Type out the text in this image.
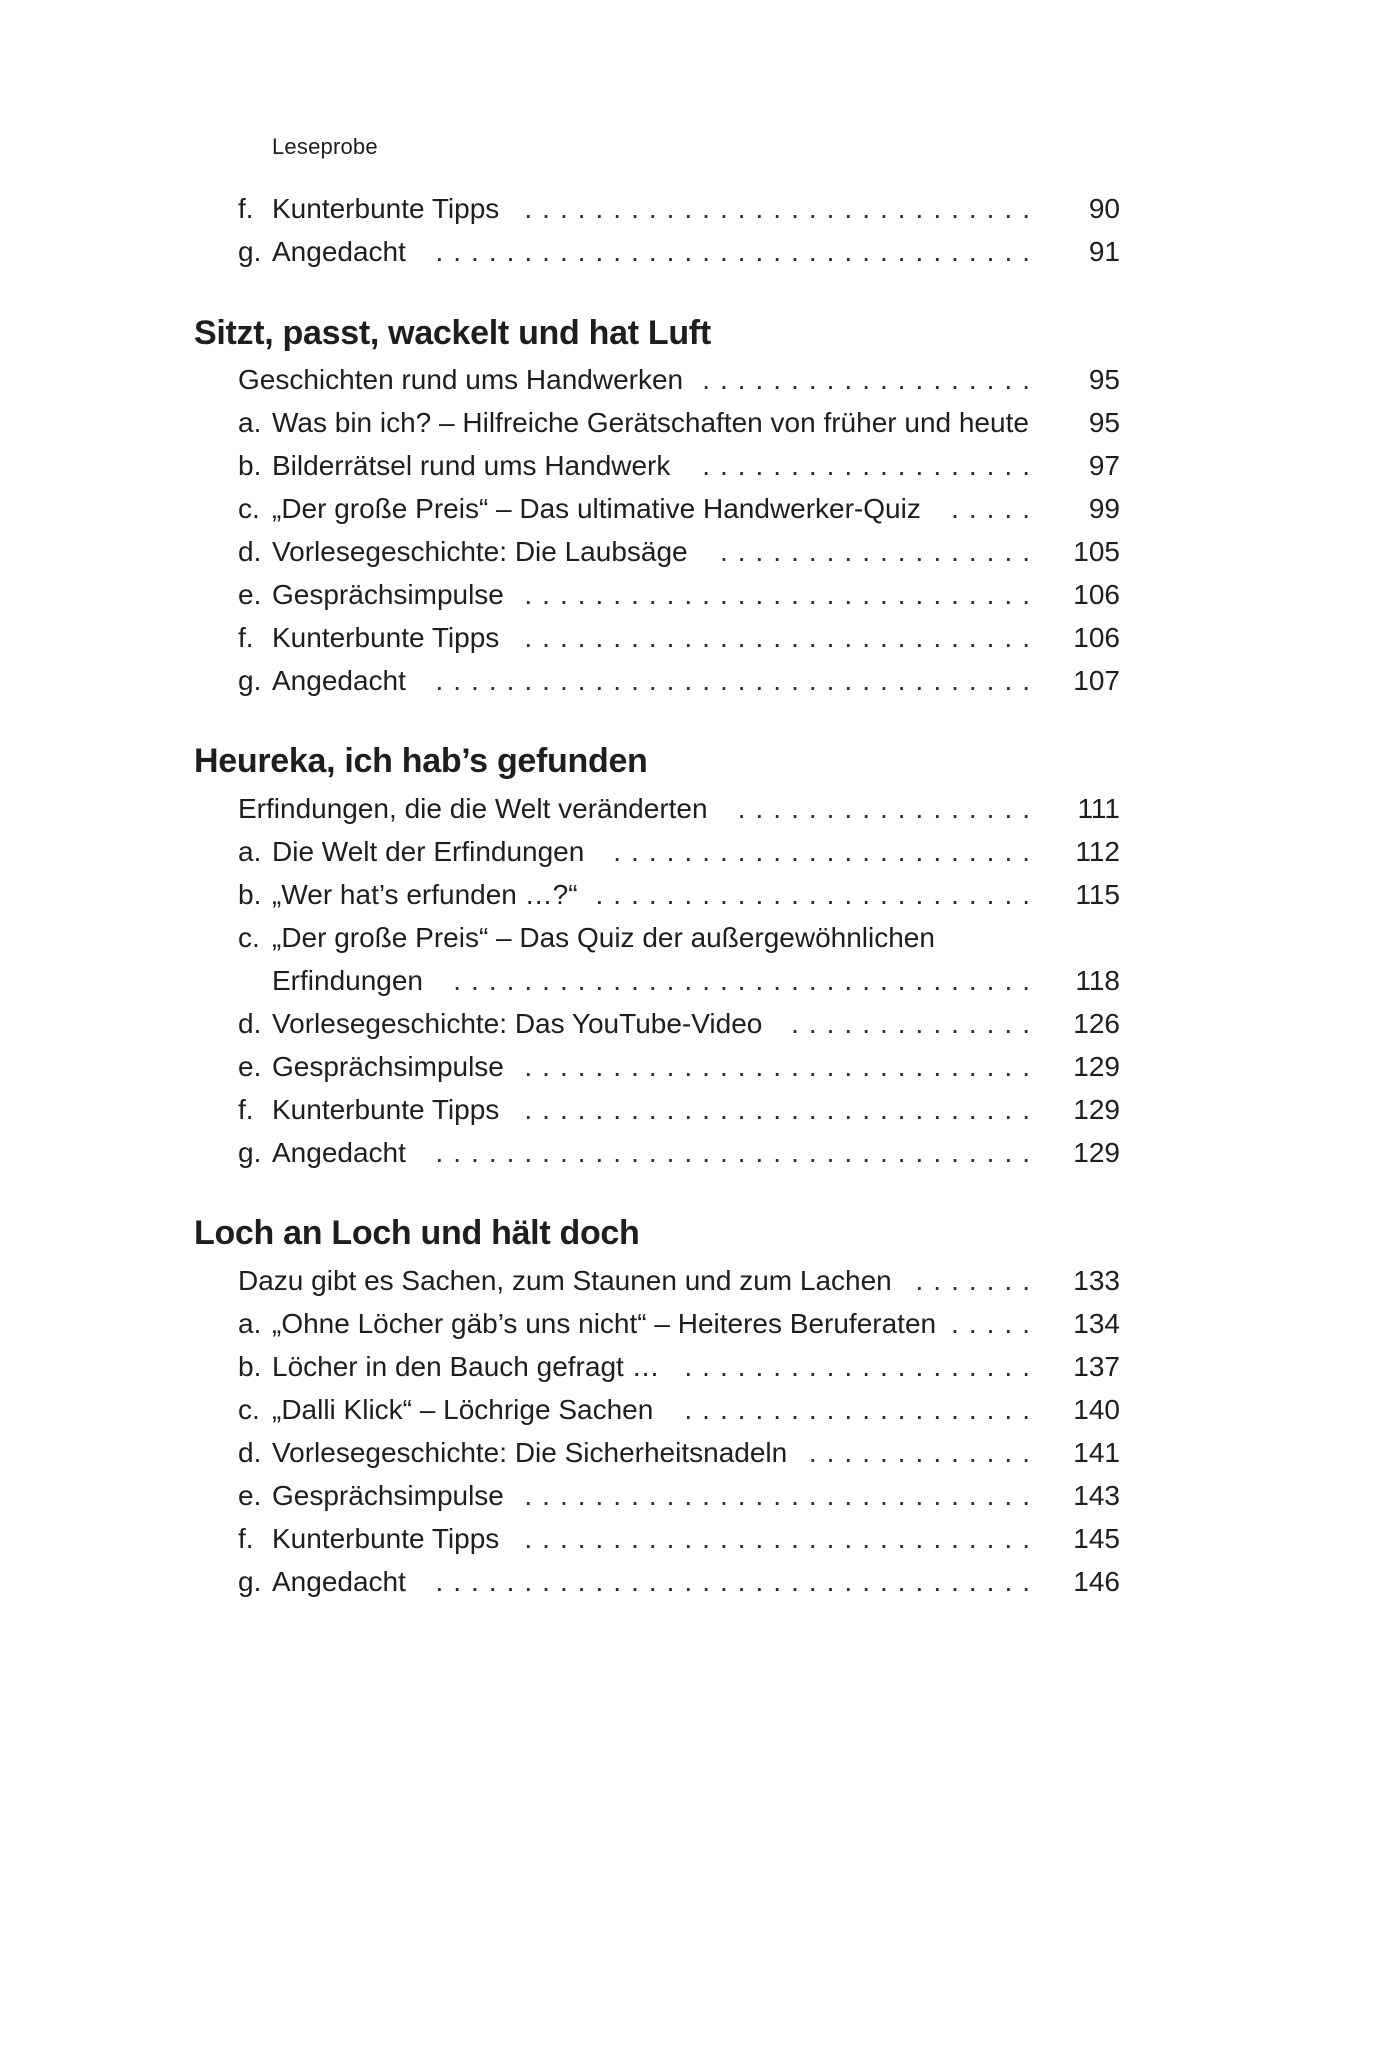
Leseprobe
f. Kunterbunte Tipps	90
.............................
g. Angedacht	91
..................................
Sitzt, passt, wackelt und hat Luft
Geschichten rund ums Handwerken	95
...................
a. Was bin ich? – Hilfreiche Gerätschaften von früher und heute 95
b. Bilderrätsel rund ums Handwerk	97
...................
c. „Der große Preis“ – Das ultimative Handwerker-Quiz	99
.....
d. Vorlesegeschichte: Die Laubsäge	105
..................
e. Gesprächsimpulse	106
.............................
f. Kunterbunte Tipps	106
.............................
g. Angedacht	107
..................................
Heureka, ich hab’s gefunden
Erfindungen, die die Welt veränderten	111
.................
a. Die Welt der Erfindungen	112
........................
b. „Wer hat’s erfunden …?“	115
.........................
c. „Der große Preis“ – Das Quiz der außergewöhnlichen
Erfindungen	118
.................................
d. Vorlesegeschichte: Das YouTube-Video	126
..............
e. Gesprächsimpulse	129
.............................
f. Kunterbunte Tipps	129
.............................
g. Angedacht	129
..................................
Loch an Loch und hält doch
Dazu gibt es Sachen, zum Staunen und zum Lachen	133
.......
a. „Ohne Löcher gäb’s uns nicht“ – Heiteres Beruferaten	134
.....
b. Löcher in den Bauch gefragt …	137
....................
c. „Dalli Klick“ – Löchrige Sachen	140
....................
d. Vorlesegeschichte: Die Sicherheitsnadeln	141
.............
e. Gesprächsimpulse	143
.............................
f. Kunterbunte Tipps	145
.............................
g. Angedacht	146
..................................
